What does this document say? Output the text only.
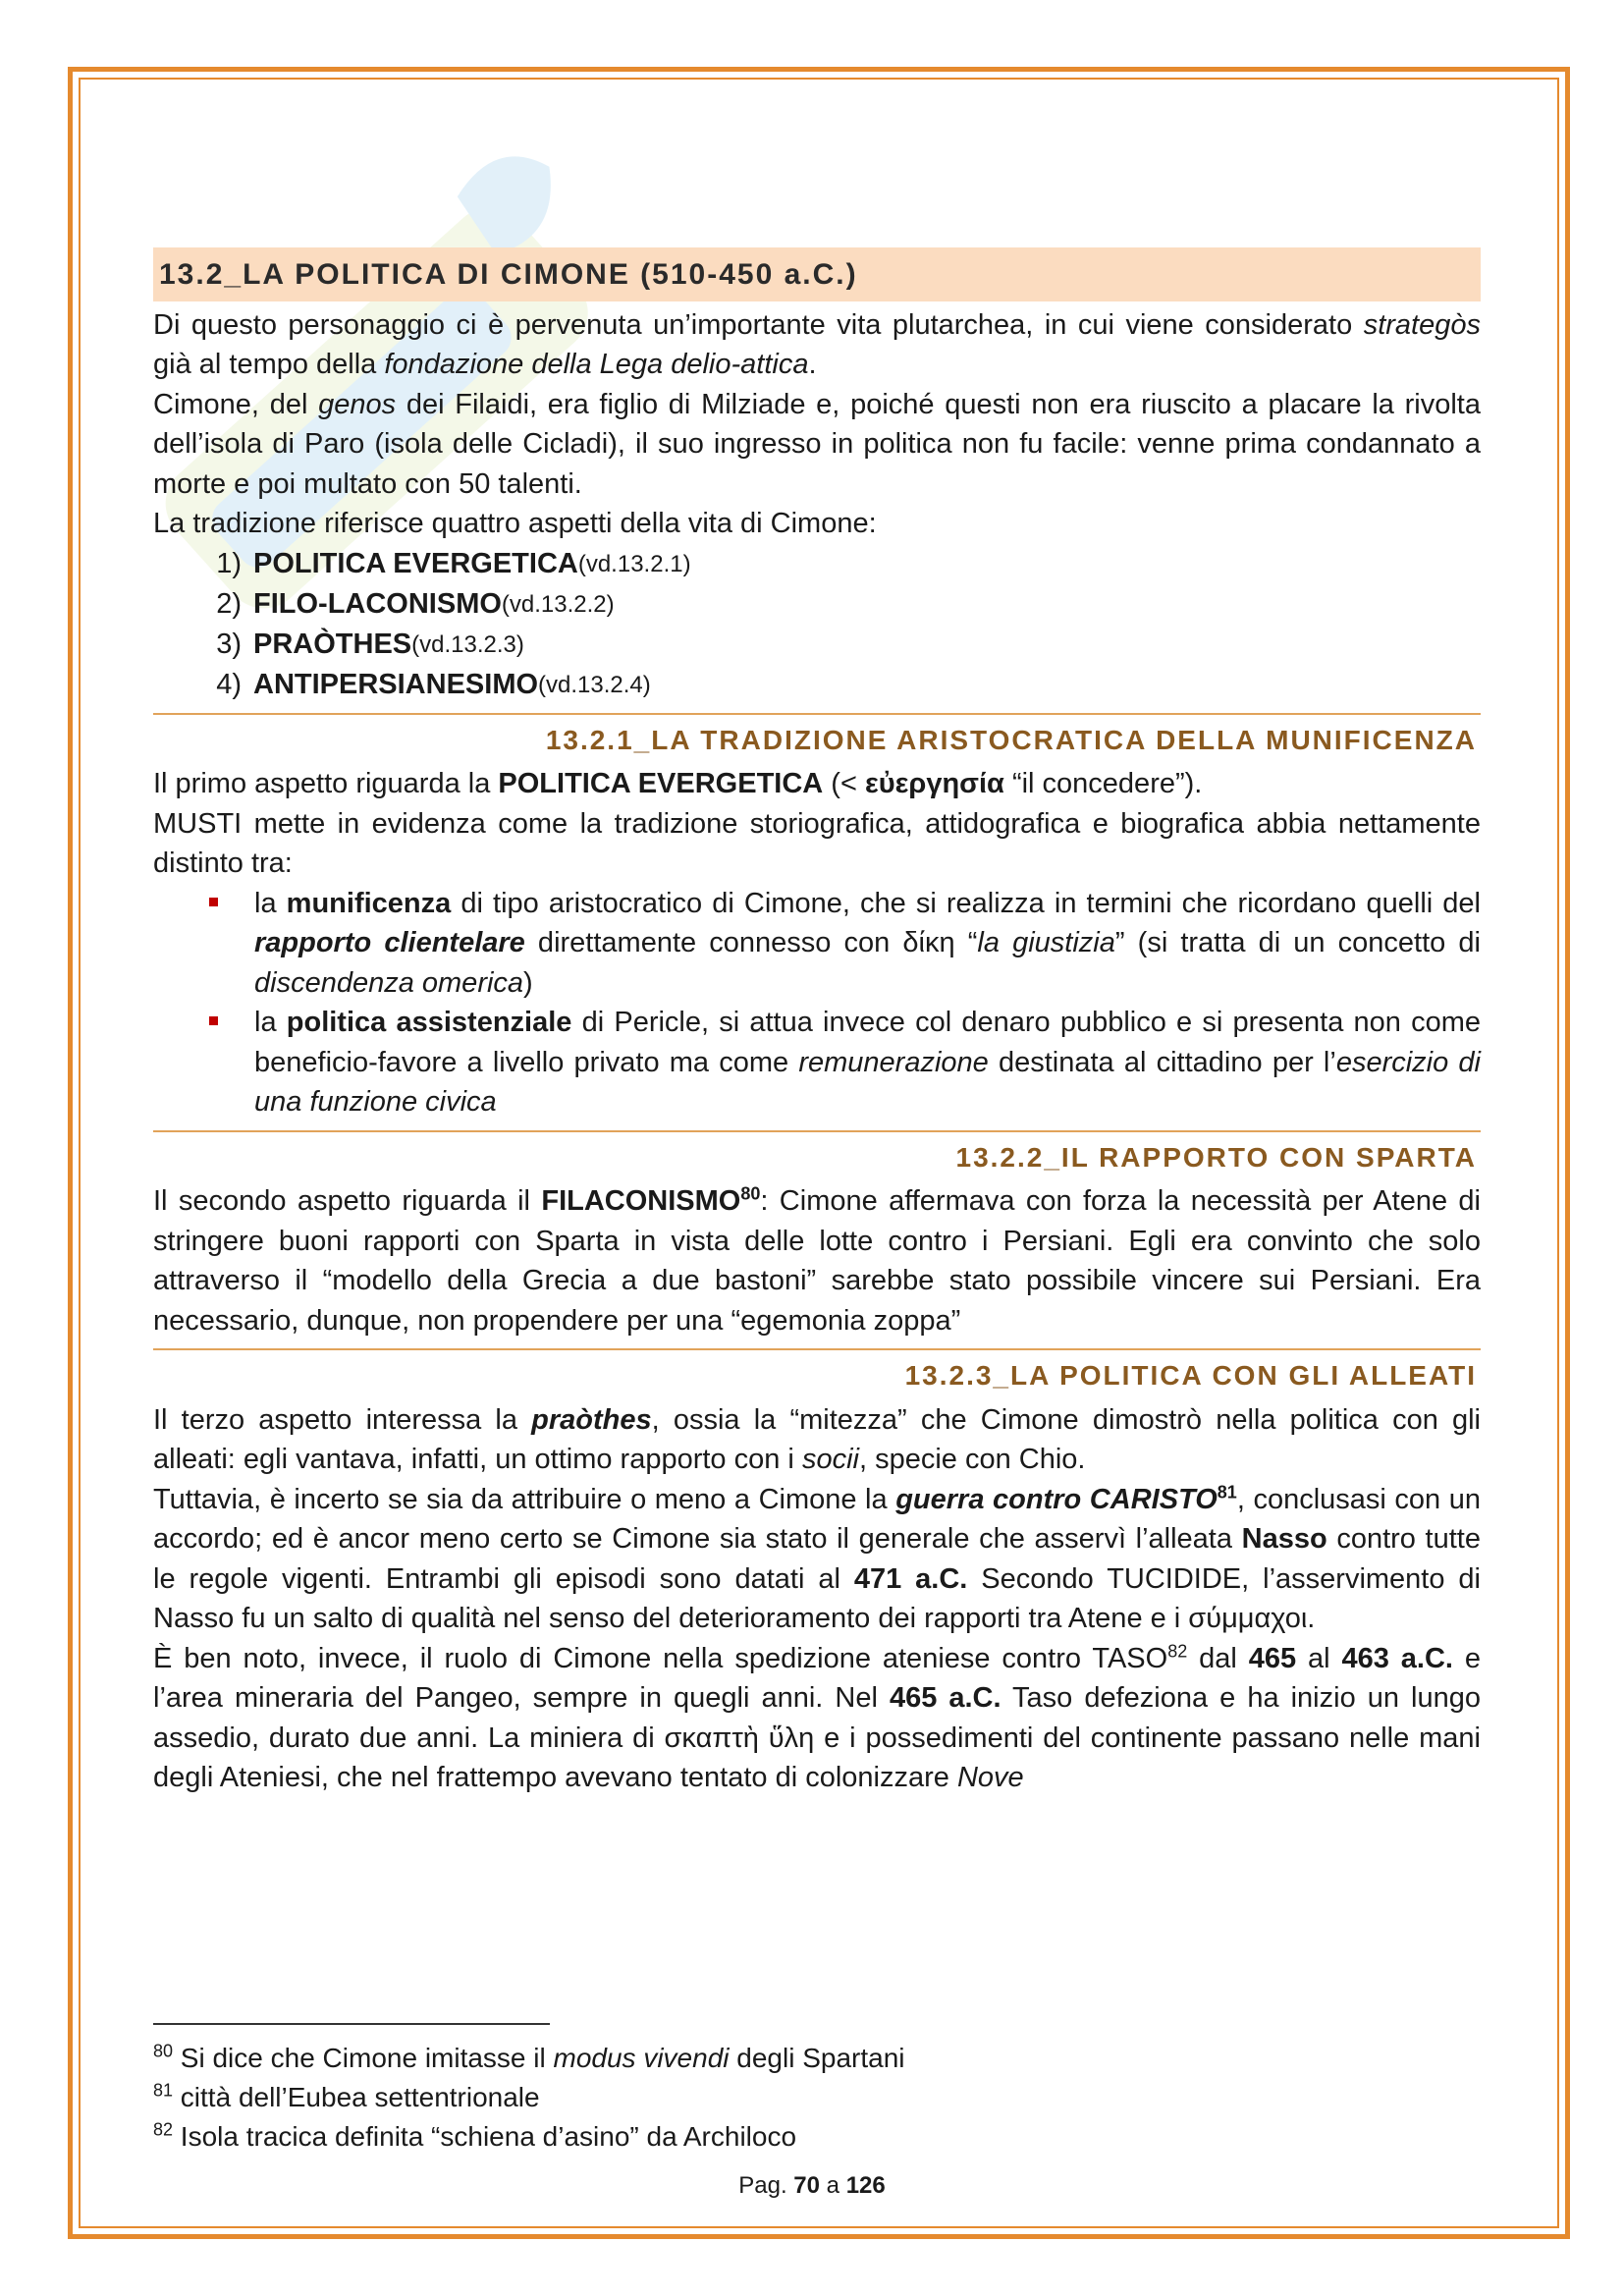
13.2_LA POLITICA DI CIMONE (510-450 a.C.)

Di questo personaggio ci è pervenuta un’importante vita plutarchea, in cui viene considerato strategòs già al tempo della fondazione della Lega delio-attica.

Cimone, del genos dei Filaidi, era figlio di Milziade e, poiché questi non era riuscito a placare la rivolta dell’isola di Paro (isola delle Cicladi), il suo ingresso in politica non fu facile: venne prima condannato a morte e poi multato con 50 talenti.

La tradizione riferisce quattro aspetti della vita di Cimone:

1) POLITICA EVERGETICA (vd.13.2.1)
2) FILO-LACONISMO (vd.13.2.2)
3) PRAÒTHES (vd.13.2.3)
4) ANTIPERSIANESIMO (vd.13.2.4)
13.2.1_LA TRADIZIONE ARISTOCRATICA DELLA MUNIFICENZA

Il primo aspetto riguarda la POLITICA EVERGETICA (< εὐεργησία “il concedere”).

MUSTI mette in evidenza come la tradizione storiografica, attidografica e biografica abbia nettamente distinto tra:

la munificenza di tipo aristocratico di Cimone, che si realizza in termini che ricordano quelli del rapporto clientelare direttamente connesso con δίκη “la giustizia” (si tratta di un concetto di discendenza omerica)
la politica assistenziale di Pericle, si attua invece col denaro pubblico e si presenta non come beneficio-favore a livello privato ma come remunerazione destinata al cittadino per l’esercizio di una funzione civica
13.2.2_IL RAPPORTO CON SPARTA

Il secondo aspetto riguarda il FILACONISMO$^{80}$: Cimone affermava con forza la necessità per Atene di stringere buoni rapporti con Sparta in vista delle lotte contro i Persiani. Egli era convinto che solo attraverso il “modello della Grecia a due bastoni” sarebbe stato possibile vincere sui Persiani. Era necessario, dunque, non propendere per una “egemonia zoppa”

13.2.3_LA POLITICA CON GLI ALLEATI

Il terzo aspetto interessa la praòthes, ossia la “mitezza” che Cimone dimostrò nella politica con gli alleati: egli vantava, infatti, un ottimo rapporto con i socii, specie con Chio.

Tuttavia, è incerto se sia da attribuire o meno a Cimone la guerra contro CARISTO$^{81}$, conclusasi con un accordo; ed è ancor meno certo se Cimone sia stato il generale che asservì l’alleata Nasso contro tutte le regole vigenti. Entrambi gli episodi sono datati al 471 a.C. Secondo TUCIDIDE, l’asservimento di Nasso fu un salto di qualità nel senso del deterioramento dei rapporti tra Atene e i σύμμαχοι.

È ben noto, invece, il ruolo di Cimone nella spedizione ateniese contro TASO$^{82}$ dal 465 al 463 a.C. e l’area mineraria del Pangeo, sempre in quegli anni. Nel 465 a.C. Taso defeziona e ha inizio un lungo assedio, durato due anni. La miniera di σκαπτὴ ὕλη e i possedimenti del continente passano nelle mani degli Ateniesi, che nel frattempo avevano tentato di colonizzare Nove

$^{80}$ Si dice che Cimone imitasse il modus vivendi degli Spartani
$^{81}$ città dell’Eubea settentrionale
$^{82}$ Isola tracica definita “schiena d’asino” da Archiloco
Pag. 70 a 126
